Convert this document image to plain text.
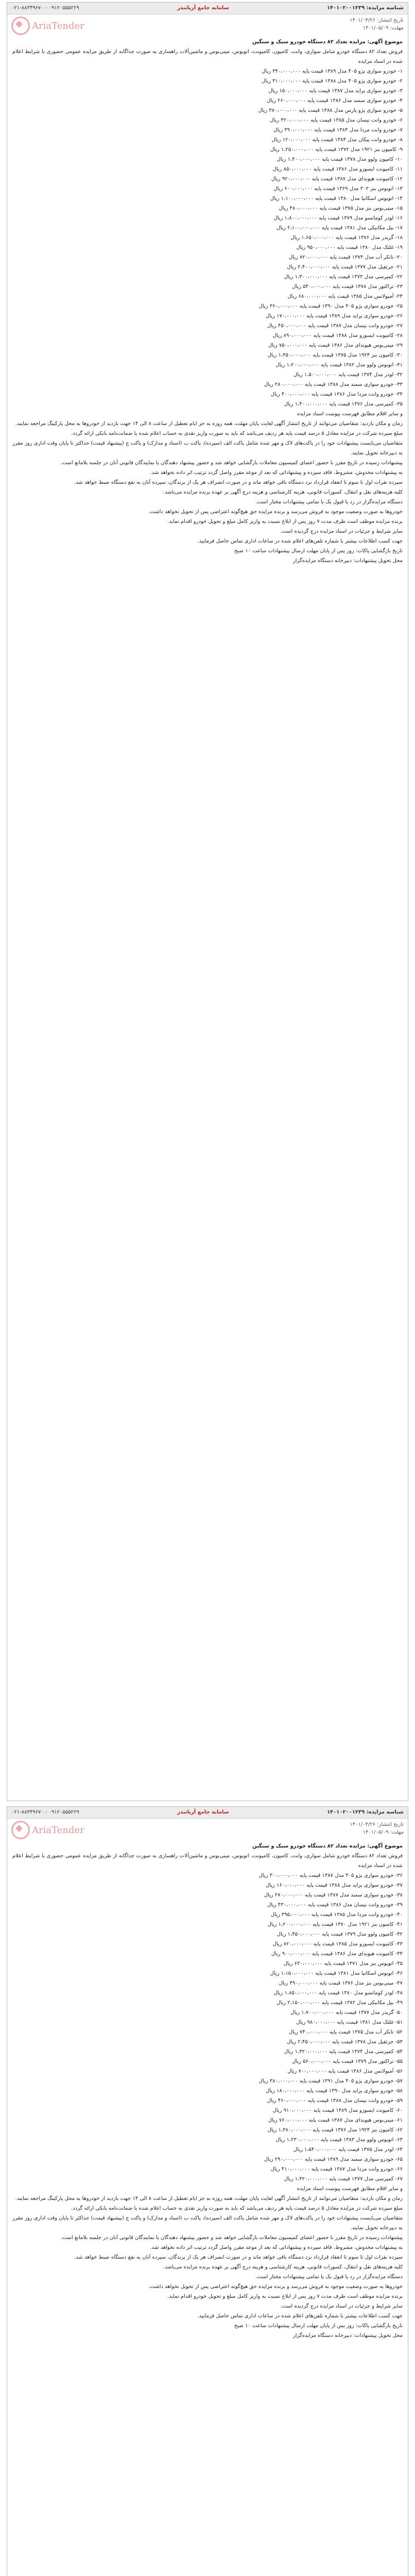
شناسه مزایده: ۱۴۰۱۰۲۰۰۱۲۳۹
سامانه جامع آریاتندر
۰۲۱-۸۸۳۴۹۶۷۰ - ۰۹۱۲۰۵۵۵۲۲۹
تاریخ انتشار: ۱۴۰۱/۰۴/۲۶
مهلت: ۱۴۰۱/۰۵/۰۹
AriaTender

موضوع آگهی: مزایده تعداد ۸۲ دستگاه خودرو سبک و سنگین

فروش تعداد ۸۲ دستگاه خودرو شامل سواری، وانت، کامیون، کامیونت، اتوبوس، مینی‌بوس و ماشین‌آلات راهسازی به صورت جداگانه از طریق مزایده عمومی حضوری با شرایط اعلام شده در اسناد مزایده

۱- خودرو سواری پژو ۴۰۵ مدل ۱۳۸۹ قیمت پایه ۳۴۰،۰۰۰،۰۰۰ ریال

۲- خودرو سواری پژو ۴۰۵ مدل ۱۳۸۸ قیمت پایه ۳۱۰،۰۰۰،۰۰۰ ریال

۳- خودرو سواری پراید مدل ۱۳۸۷ قیمت پایه ۱۵۰،۰۰۰،۰۰۰ ریال

۴- خودرو سواری سمند مدل ۱۳۸۶ قیمت پایه ۲۶۰،۰۰۰،۰۰۰ ریال

۵- خودرو سواری پژو پارس مدل ۱۳۸۸ قیمت پایه ۳۸۰،۰۰۰،۰۰۰ ریال

۶- خودرو وانت نیسان مدل ۱۳۸۵ قیمت پایه ۴۲۰،۰۰۰،۰۰۰ ریال

۷- خودرو وانت مزدا مدل ۱۳۸۴ قیمت پایه ۳۹۰،۰۰۰،۰۰۰ ریال

۸- خودرو وانت پیکان مدل ۱۳۸۳ قیمت پایه ۱۲۰،۰۰۰،۰۰۰ ریال

۹- کامیون بنز ۱۹۲۱ مدل ۱۳۷۲ قیمت پایه ۱،۲۵۰،۰۰۰،۰۰۰ ریال

۱۰- کامیون ولوو مدل ۱۳۷۸ قیمت پایه ۱،۴۰۰،۰۰۰،۰۰۰ ریال

۱۱- کامیونت ایسوزو مدل ۱۳۸۶ قیمت پایه ۸۵۰،۰۰۰،۰۰۰ ریال

۱۲- کامیونت هیوندای مدل ۱۳۸۷ قیمت پایه ۹۲۰،۰۰۰،۰۰۰ ریال

۱۳- اتوبوس بنز ۳۰۲ مدل ۱۳۶۹ قیمت پایه ۶۰۰،۰۰۰،۰۰۰ ریال

۱۴- اتوبوس اسکانیا مدل ۱۳۸۰ قیمت پایه ۱،۱۰۰،۰۰۰،۰۰۰ ریال

۱۵- مینی‌بوس بنز مدل ۱۳۷۵ قیمت پایه ۴۸۰،۰۰۰،۰۰۰ ریال

۱۶- لودر کوماتسو مدل ۱۳۷۹ قیمت پایه ۱،۸۰۰،۰۰۰،۰۰۰ ریال

۱۷- بیل مکانیکی مدل ۱۳۸۱ قیمت پایه ۲،۱۰۰،۰۰۰،۰۰۰ ریال

۱۸- گریدر مدل ۱۳۷۶ قیمت پایه ۱،۶۵۰،۰۰۰،۰۰۰ ریال

۱۹- غلتک مدل ۱۳۸۰ قیمت پایه ۹۵۰،۰۰۰،۰۰۰ ریال

۲۰- تانکر آب مدل ۱۳۷۴ قیمت پایه ۷۲۰،۰۰۰،۰۰۰ ریال

۲۱- جرثقیل مدل ۱۳۷۷ قیمت پایه ۲،۴۰۰،۰۰۰،۰۰۰ ریال

۲۲- کمپرسی مدل ۱۳۷۳ قیمت پایه ۱،۳۰۰،۰۰۰،۰۰۰ ریال

۲۳- تراکتور مدل ۱۳۷۸ قیمت پایه ۵۴۰،۰۰۰،۰۰۰ ریال

۲۴- آمبولانس مدل ۱۳۸۵ قیمت پایه ۶۸۰،۰۰۰،۰۰۰ ریال

۲۵- خودرو سواری پژو ۴۰۵ مدل ۱۳۹۰ قیمت پایه ۳۶۰،۰۰۰،۰۰۰ ریال

۲۶- خودرو سواری پراید مدل ۱۳۸۹ قیمت پایه ۱۷۰،۰۰۰،۰۰۰ ریال

۲۷- خودرو وانت نیسان مدل ۱۳۸۷ قیمت پایه ۴۵۰،۰۰۰،۰۰۰ ریال

۲۸- کامیونت ایسوزو مدل ۱۳۸۸ قیمت پایه ۸۹۰،۰۰۰،۰۰۰ ریال

۲۹- مینی‌بوس هیوندای مدل ۱۳۸۶ قیمت پایه ۷۵۰،۰۰۰،۰۰۰ ریال

۳۰- کامیون بنز ۱۹۲۴ مدل ۱۳۷۵ قیمت پایه ۱،۳۵۰،۰۰۰،۰۰۰ ریال

۳۱- اتوبوس ولوو مدل ۱۳۸۲ قیمت پایه ۱،۲۰۰،۰۰۰،۰۰۰ ریال

۳۲- لودر مدل ۱۳۷۴ قیمت پایه ۱،۵۰۰،۰۰۰،۰۰۰ ریال

۳۳- خودرو سواری سمند مدل ۱۳۸۸ قیمت پایه ۲۸۰،۰۰۰،۰۰۰ ریال

۳۴- خودرو وانت مزدا مدل ۱۳۸۶ قیمت پایه ۴۰۰،۰۰۰،۰۰۰ ریال

۳۵- کمپرسی مدل ۱۳۷۶ قیمت پایه ۱،۴۰۰،۰۰۰،۰۰۰ ریال

و سایر اقلام مطابق فهرست پیوست اسناد مزایده

زمان و مکان بازدید: متقاضیان می‌توانند از تاریخ انتشار آگهی لغایت پایان مهلت، همه روزه به جز ایام تعطیل از ساعت ۸ الی ۱۴ جهت بازدید از خودروها به محل پارکینگ مراجعه نمایند.

مبلغ سپرده شرکت در مزایده معادل ۵ درصد قیمت پایه هر ردیف می‌باشد که باید به صورت واریز نقدی به حساب اعلام شده یا ضمانت‌نامه بانکی ارائه گردد.

متقاضیان می‌بایست پیشنهادات خود را در پاکت‌های لاک و مهر شده شامل پاکت الف (سپرده)، پاکت ب (اسناد و مدارک) و پاکت ج (پیشنهاد قیمت) حداکثر تا پایان وقت اداری روز مقرر به دبیرخانه تحویل نمایند.

پیشنهادات رسیده در تاریخ مقرر با حضور اعضای کمیسیون معاملات بازگشایی خواهد شد و حضور پیشنهاد دهندگان یا نمایندگان قانونی آنان در جلسه بلامانع است.

به پیشنهادات مخدوش، مشروط، فاقد سپرده و پیشنهاداتی که بعد از موعد مقرر واصل گردد ترتیب اثر داده نخواهد شد.

سپرده نفرات اول تا سوم تا انعقاد قرارداد نزد دستگاه باقی خواهد ماند و در صورت انصراف هر یک از برندگان، سپرده آنان به نفع دستگاه ضبط خواهد شد.

کلیه هزینه‌های نقل و انتقال، کسورات قانونی، هزینه کارشناسی و هزینه درج آگهی بر عهده برنده مزایده می‌باشد.

دستگاه مزایده‌گزار در رد یا قبول یک یا تمامی پیشنهادات مختار است.

خودروها به صورت وضعیت موجود به فروش می‌رسد و برنده مزایده حق هیچ‌گونه اعتراضی پس از تحویل نخواهد داشت.

برنده مزایده موظف است ظرف مدت ۷ روز پس از ابلاغ نسبت به واریز کامل مبلغ و تحویل خودرو اقدام نماید.

سایر شرایط و جزئیات در اسناد مزایده درج گردیده است.

جهت کسب اطلاعات بیشتر با شماره تلفن‌های اعلام شده در ساعات اداری تماس حاصل فرمایید.

تاریخ بازگشایی پاکات: روز پس از پایان مهلت ارسال پیشنهادات ساعت ۱۰ صبح

محل تحویل پیشنهادات: دبیرخانه دستگاه مزایده‌گزار

شناسه مزایده: ۱۴۰۱۰۲۰۰۱۲۳۹
سامانه جامع آریاتندر
۰۲۱-۸۸۳۴۹۶۷۰ - ۰۹۱۲۰۵۵۵۲۲۹
تاریخ انتشار: ۱۴۰۱/۰۴/۲۶
مهلت: ۱۴۰۱/۰۵/۰۹
AriaTender

موضوع آگهی: مزایده تعداد ۸۲ دستگاه خودرو سبک و سنگین

فروش تعداد ۸۲ دستگاه خودرو شامل سواری، وانت، کامیون، کامیونت، اتوبوس، مینی‌بوس و ماشین‌آلات راهسازی به صورت جداگانه از طریق مزایده عمومی حضوری با شرایط اعلام شده در اسناد مزایده

۳۶- خودرو سواری پژو ۴۰۵ مدل ۱۳۸۷ قیمت پایه ۳۰۰،۰۰۰،۰۰۰ ریال

۳۷- خودرو سواری پراید مدل ۱۳۸۸ قیمت پایه ۱۶۰،۰۰۰،۰۰۰ ریال

۳۸- خودرو سواری سمند مدل ۱۳۸۷ قیمت پایه ۲۷۰،۰۰۰،۰۰۰ ریال

۳۹- خودرو وانت نیسان مدل ۱۳۸۶ قیمت پایه ۴۳۰،۰۰۰،۰۰۰ ریال

۴۰- خودرو وانت مزدا مدل ۱۳۸۵ قیمت پایه ۳۹۵،۰۰۰،۰۰۰ ریال

۴۱- کامیون بنز ۱۹۲۱ مدل ۱۳۷۰ قیمت پایه ۱،۲۰۰،۰۰۰،۰۰۰ ریال

۴۲- کامیون ولوو مدل ۱۳۷۹ قیمت پایه ۱،۴۵۰،۰۰۰،۰۰۰ ریال

۴۳- کامیونت ایسوزو مدل ۱۳۸۵ قیمت پایه ۸۲۰،۰۰۰،۰۰۰ ریال

۴۴- کامیونت هیوندای مدل ۱۳۸۶ قیمت پایه ۹۰۰،۰۰۰،۰۰۰ ریال

۴۵- اتوبوس بنز مدل ۱۳۷۱ قیمت پایه ۶۳۰،۰۰۰،۰۰۰ ریال

۴۶- اتوبوس اسکانیا مدل ۱۳۸۱ قیمت پایه ۱،۱۵۰،۰۰۰،۰۰۰ ریال

۴۷- مینی‌بوس بنز مدل ۱۳۷۶ قیمت پایه ۴۹۰،۰۰۰،۰۰۰ ریال

۴۸- لودر کوماتسو مدل ۱۳۸۰ قیمت پایه ۱،۸۵۰،۰۰۰،۰۰۰ ریال

۴۹- بیل مکانیکی مدل ۱۳۸۲ قیمت پایه ۲،۱۵۰،۰۰۰،۰۰۰ ریال

۵۰- گریدر مدل ۱۳۷۷ قیمت پایه ۱،۷۰۰،۰۰۰،۰۰۰ ریال

۵۱- غلتک مدل ۱۳۸۱ قیمت پایه ۹۸۰،۰۰۰،۰۰۰ ریال

۵۲- تانکر آب مدل ۱۳۷۵ قیمت پایه ۷۴۰،۰۰۰،۰۰۰ ریال

۵۳- جرثقیل مدل ۱۳۷۸ قیمت پایه ۲،۴۵۰،۰۰۰،۰۰۰ ریال

۵۴- کمپرسی مدل ۱۳۷۴ قیمت پایه ۱،۳۲۰،۰۰۰،۰۰۰ ریال

۵۵- تراکتور مدل ۱۳۷۹ قیمت پایه ۵۶۰،۰۰۰،۰۰۰ ریال

۵۶- آمبولانس مدل ۱۳۸۶ قیمت پایه ۷۰۰،۰۰۰،۰۰۰ ریال

۵۷- خودرو سواری پژو ۴۰۵ مدل ۱۳۹۱ قیمت پایه ۳۸۰،۰۰۰،۰۰۰ ریال

۵۸- خودرو سواری پراید مدل ۱۳۹۰ قیمت پایه ۱۸۰،۰۰۰،۰۰۰ ریال

۵۹- خودرو وانت نیسان مدل ۱۳۸۸ قیمت پایه ۴۶۰،۰۰۰،۰۰۰ ریال

۶۰- کامیونت ایسوزو مدل ۱۳۸۹ قیمت پایه ۹۱۰،۰۰۰،۰۰۰ ریال

۶۱- مینی‌بوس هیوندای مدل ۱۳۸۷ قیمت پایه ۷۶۰،۰۰۰،۰۰۰ ریال

۶۲- کامیون بنز ۱۹۲۴ مدل ۱۳۷۶ قیمت پایه ۱،۳۸۰،۰۰۰،۰۰۰ ریال

۶۳- اتوبوس ولوو مدل ۱۳۸۳ قیمت پایه ۱،۲۳۰،۰۰۰،۰۰۰ ریال

۶۴- لودر مدل ۱۳۷۵ قیمت پایه ۱،۵۴۰،۰۰۰،۰۰۰ ریال

۶۵- خودرو سواری سمند مدل ۱۳۸۹ قیمت پایه ۲۹۰،۰۰۰،۰۰۰ ریال

۶۶- خودرو وانت مزدا مدل ۱۳۸۷ قیمت پایه ۴۱۰،۰۰۰،۰۰۰ ریال

۶۷- کمپرسی مدل ۱۳۷۷ قیمت پایه ۱،۴۲۰،۰۰۰،۰۰۰ ریال

و سایر اقلام مطابق فهرست پیوست اسناد مزایده

زمان و مکان بازدید: متقاضیان می‌توانند از تاریخ انتشار آگهی لغایت پایان مهلت، همه روزه به جز ایام تعطیل از ساعت ۸ الی ۱۴ جهت بازدید از خودروها به محل پارکینگ مراجعه نمایند.

مبلغ سپرده شرکت در مزایده معادل ۵ درصد قیمت پایه هر ردیف می‌باشد که باید به صورت واریز نقدی به حساب اعلام شده یا ضمانت‌نامه بانکی ارائه گردد.

متقاضیان می‌بایست پیشنهادات خود را در پاکت‌های لاک و مهر شده شامل پاکت الف (سپرده)، پاکت ب (اسناد و مدارک) و پاکت ج (پیشنهاد قیمت) حداکثر تا پایان وقت اداری روز مقرر به دبیرخانه تحویل نمایند.

پیشنهادات رسیده در تاریخ مقرر با حضور اعضای کمیسیون معاملات بازگشایی خواهد شد و حضور پیشنهاد دهندگان یا نمایندگان قانونی آنان در جلسه بلامانع است.

به پیشنهادات مخدوش، مشروط، فاقد سپرده و پیشنهاداتی که بعد از موعد مقرر واصل گردد ترتیب اثر داده نخواهد شد.

سپرده نفرات اول تا سوم تا انعقاد قرارداد نزد دستگاه باقی خواهد ماند و در صورت انصراف هر یک از برندگان، سپرده آنان به نفع دستگاه ضبط خواهد شد.

کلیه هزینه‌های نقل و انتقال، کسورات قانونی، هزینه کارشناسی و هزینه درج آگهی بر عهده برنده مزایده می‌باشد.

دستگاه مزایده‌گزار در رد یا قبول یک یا تمامی پیشنهادات مختار است.

خودروها به صورت وضعیت موجود به فروش می‌رسد و برنده مزایده حق هیچ‌گونه اعتراضی پس از تحویل نخواهد داشت.

برنده مزایده موظف است ظرف مدت ۷ روز پس از ابلاغ نسبت به واریز کامل مبلغ و تحویل خودرو اقدام نماید.

سایر شرایط و جزئیات در اسناد مزایده درج گردیده است.

جهت کسب اطلاعات بیشتر با شماره تلفن‌های اعلام شده در ساعات اداری تماس حاصل فرمایید.

تاریخ بازگشایی پاکات: روز پس از پایان مهلت ارسال پیشنهادات ساعت ۱۰ صبح

محل تحویل پیشنهادات: دبیرخانه دستگاه مزایده‌گزار
